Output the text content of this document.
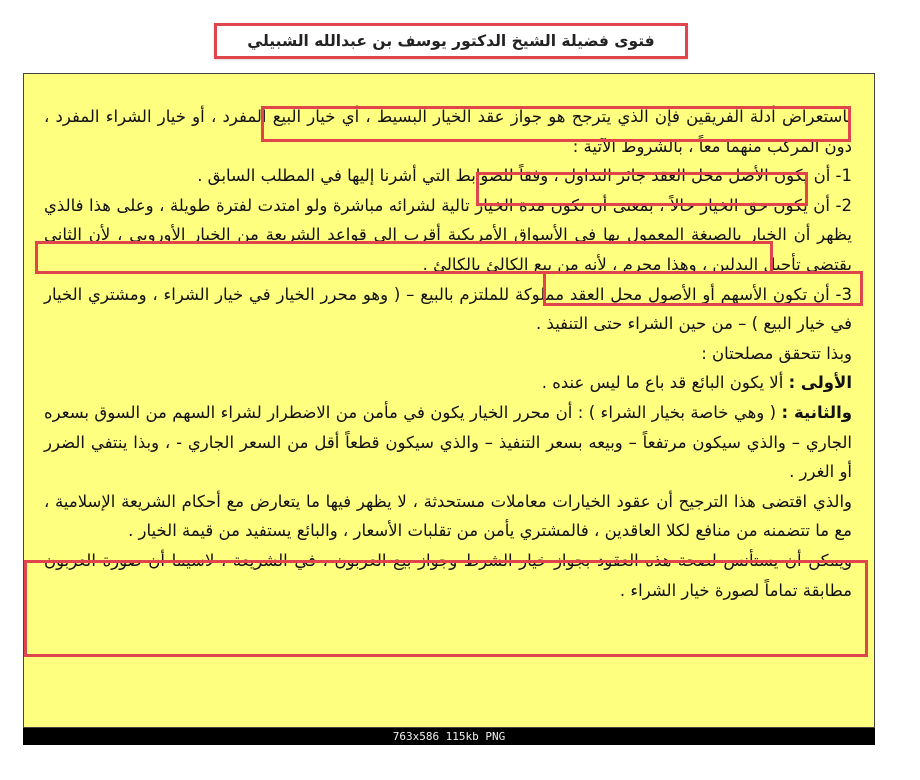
فتوى فضيلة الشيخ الدكتور يوسف بن عبدالله الشبيلي

باستعراض أدلة الفريقين فإن الذي يترجح هو جواز عقد الخيار البسيط ، أي خيار البيع المفرد ، أو خيار الشراء المفرد ، دون المركب منهما معاً ، بالشروط الآتية :

1- أن يكون الأصل محل العقد جائز التداول ، وفقاً للضوابط التي أشرنا إليها في المطلب السابق .

2- أن يكون حق الخيار حالاً ، بمعنى أن تكون مدة الخيار تالية لشرائه مباشرة ولو امتدت لفترة طويلة ، وعلى هذا فالذي يظهر أن الخيار بالصيغة المعمول بها في الأسواق الأمريكية أقرب إلى قواعد الشريعة من الخيار الأوروبي ، لأن الثاني يقتضي تأجيل البدلين ، وهذا محرم ، لأنه من بيع الكالئ بالكالئ .

3- أن تكون الأسهم أو الأصول محل العقد مملوكة للملتزم بالبيع – ( وهو محرر الخيار في خيار الشراء ، ومشتري الخيار في خيار البيع ) – من حين الشراء حتى التنفيذ .

وبذا تتحقق مصلحتان :

الأولى : ألا يكون البائع قد باع ما ليس عنده .

والثانية : ( وهي خاصة بخيار الشراء ) : أن محرر الخيار يكون في مأمن من الاضطرار لشراء السهم من السوق بسعره الجاري – والذي سيكون مرتفعاً – وبيعه بسعر التنفيذ – والذي سيكون قطعاً أقل من السعر الجاري - ، وبذا ينتفي الضرر أو الغرر .

والذي اقتضى هذا الترجيح أن عقود الخيارات معاملات مستحدثة ، لا يظهر فيها ما يتعارض مع أحكام الشريعة الإسلامية ، مع ما تتضمنه من منافع لكلا العاقدين ، فالمشتري يأمن من تقلبات الأسعار ، والبائع يستفيد من قيمة الخيار .

ويمكن أن يستأنس لصحة هذه العقود بجواز خيار الشرط وجواز بيع العربون ، في الشريعة ، لاسيما أن صورة العربون مطابقة تماماً لصورة خيار الشراء .

763x586 115kb PNG
